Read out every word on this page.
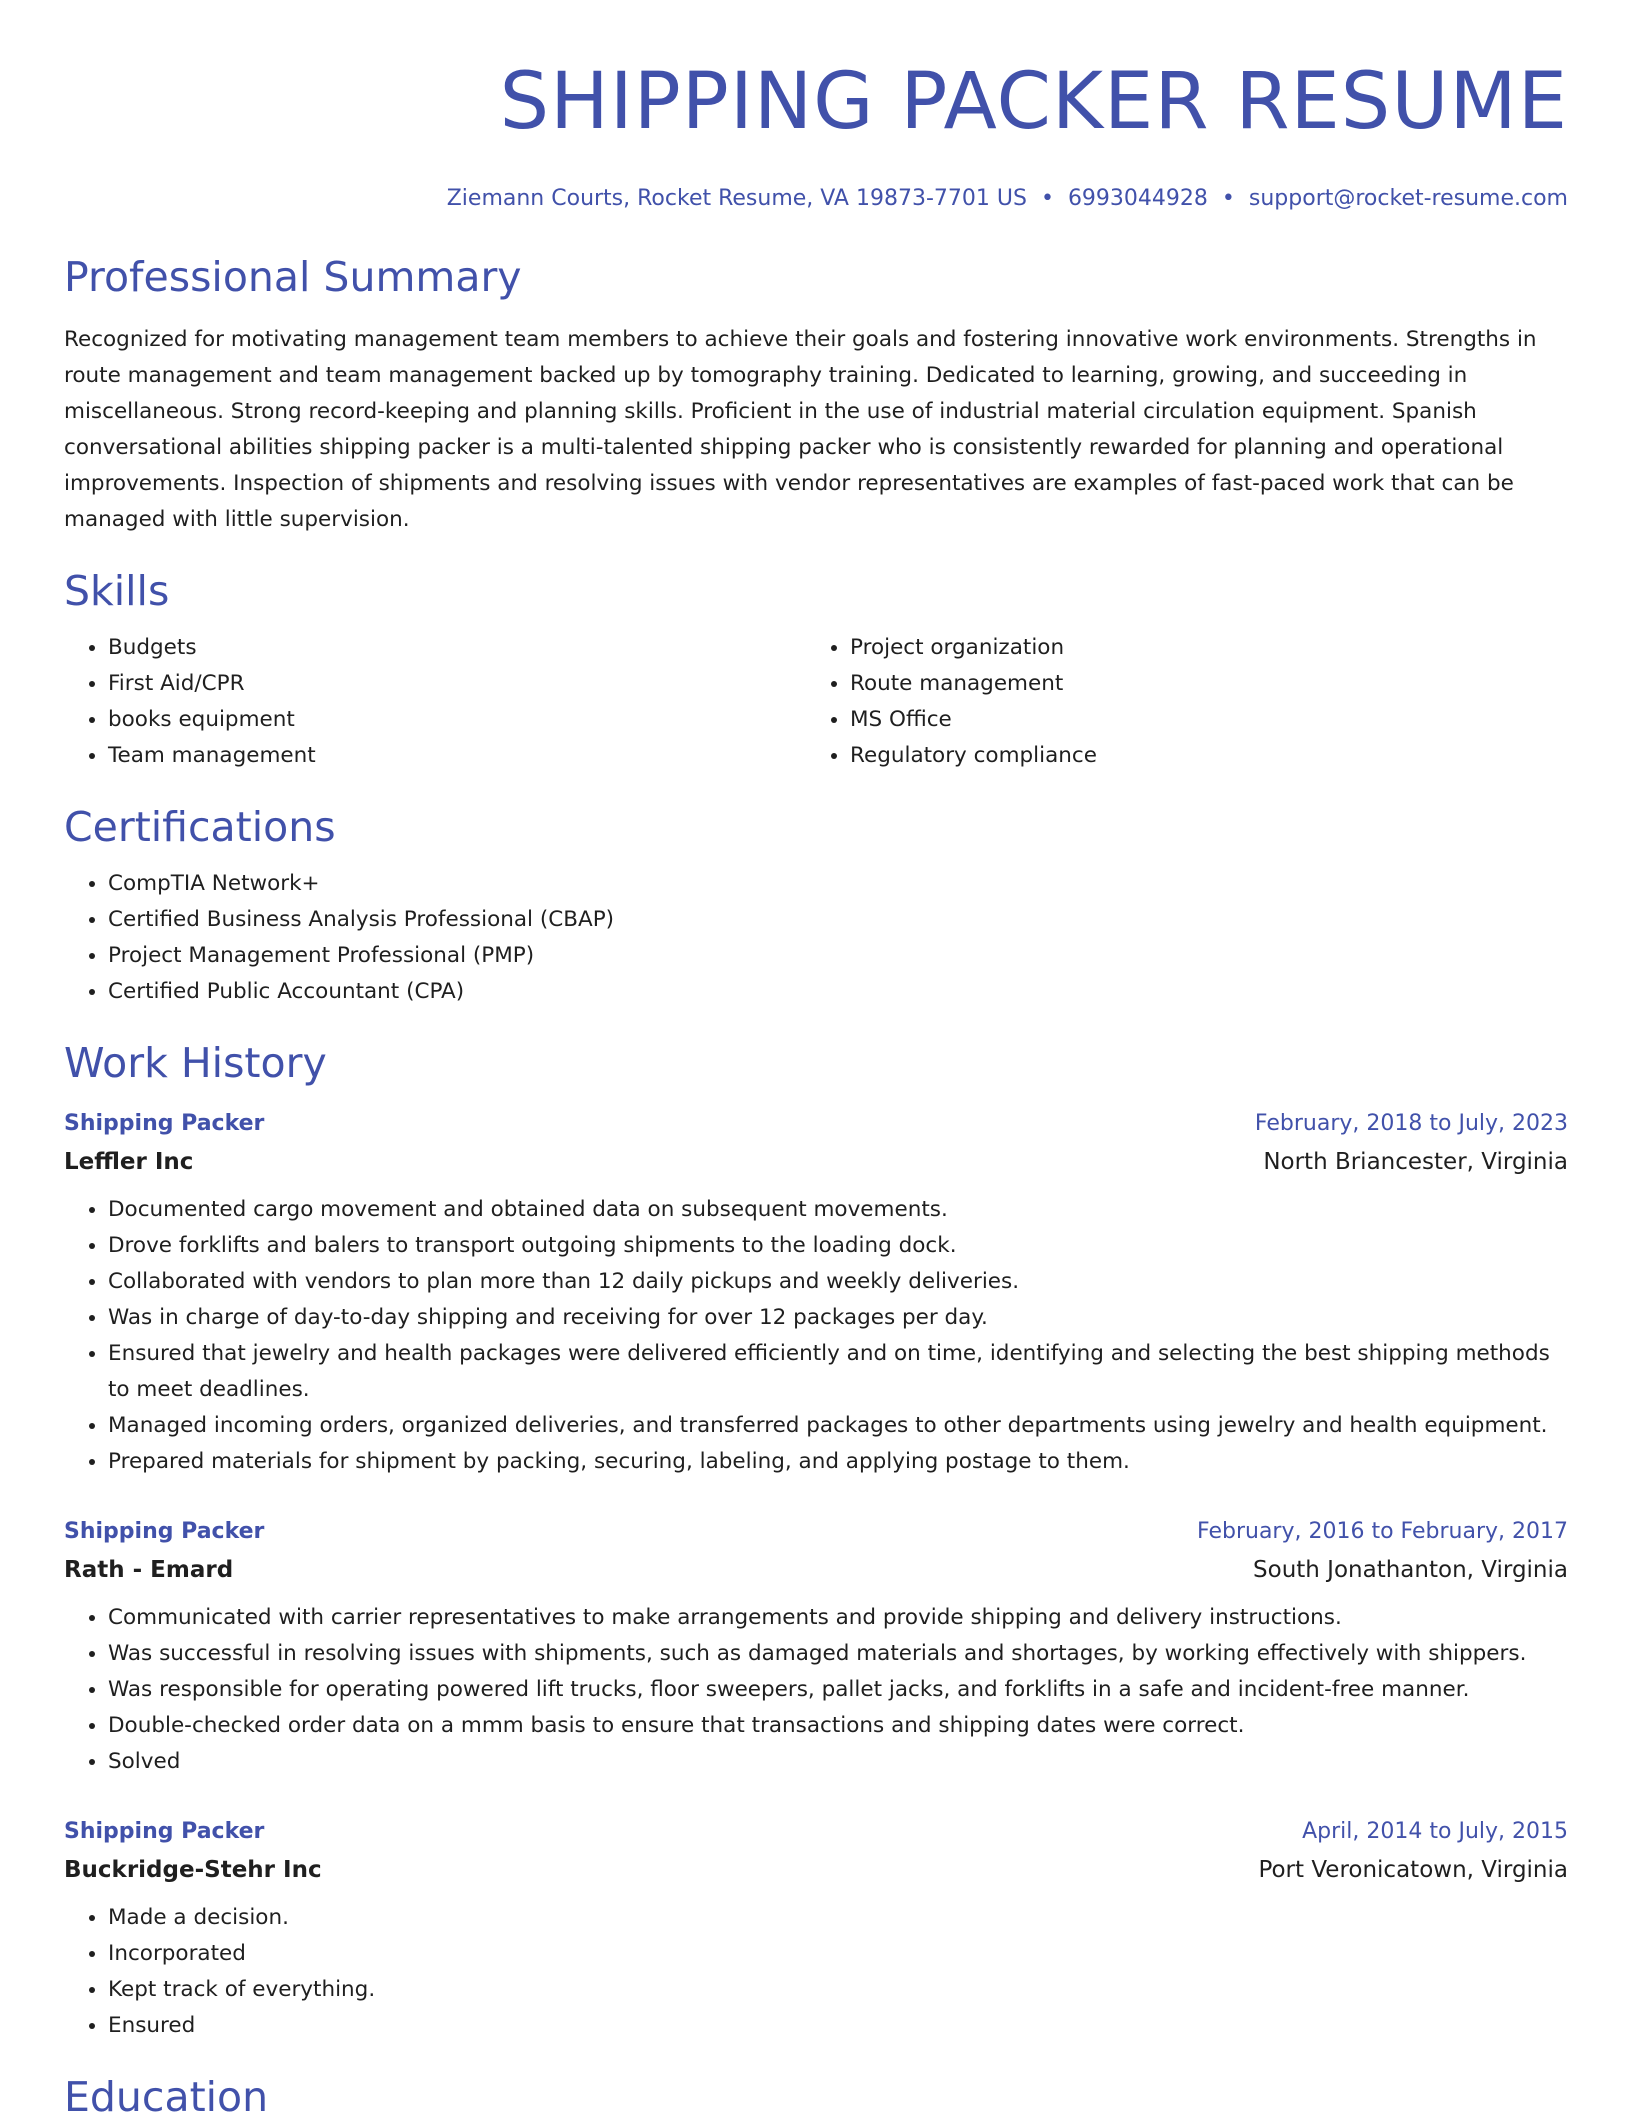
SHIPPING PACKER RESUME
Ziemann Courts, Rocket Resume, VA 19873-7701 US • 6993044928 • support@rocket-resume.com
Professional Summary

Recognized for motivating management team members to achieve their goals and fostering innovative work environments. Strengths in route management and team management backed up by tomography training. Dedicated to learning, growing, and succeeding in miscellaneous. Strong record-keeping and planning skills. Proficient in the use of industrial material circulation equipment. Spanish conversational abilities shipping packer is a multi-talented shipping packer who is consistently rewarded for planning and operational improvements. Inspection of shipments and resolving issues with vendor representatives are examples of fast-paced work that can be managed with little supervision.

Skills
• Budgets
• First Aid/CPR
• books equipment
• Team management
• Project organization
• Route management
• MS Office
• Regulatory compliance
Certifications
• CompTIA Network+
• Certified Business Analysis Professional (CBAP)
• Project Management Professional (PMP)
• Certified Public Accountant (CPA)
Work History
Shipping Packer	February, 2018 to July, 2023
Leffler Inc	North Briancester, Virginia
• Documented cargo movement and obtained data on subsequent movements.
• Drove forklifts and balers to transport outgoing shipments to the loading dock.
• Collaborated with vendors to plan more than 12 daily pickups and weekly deliveries.
• Was in charge of day-to-day shipping and receiving for over 12 packages per day.
• Ensured that jewelry and health packages were delivered efficiently and on time, identifying and selecting the best shipping methods to meet deadlines.
• Managed incoming orders, organized deliveries, and transferred packages to other departments using jewelry and health equipment.
• Prepared materials for shipment by packing, securing, labeling, and applying postage to them.
Shipping Packer	February, 2016 to February, 2017
Rath - Emard	South Jonathanton, Virginia
• Communicated with carrier representatives to make arrangements and provide shipping and delivery instructions.
• Was successful in resolving issues with shipments, such as damaged materials and shortages, by working effectively with shippers.
• Was responsible for operating powered lift trucks, floor sweepers, pallet jacks, and forklifts in a safe and incident-free manner.
• Double-checked order data on a mmm basis to ensure that transactions and shipping dates were correct.
• Solved
Shipping Packer	April, 2014 to July, 2015
Buckridge-Stehr Inc	Port Veronicatown, Virginia
• Made a decision.
• Incorporated
• Kept track of everything.
• Ensured
Education
